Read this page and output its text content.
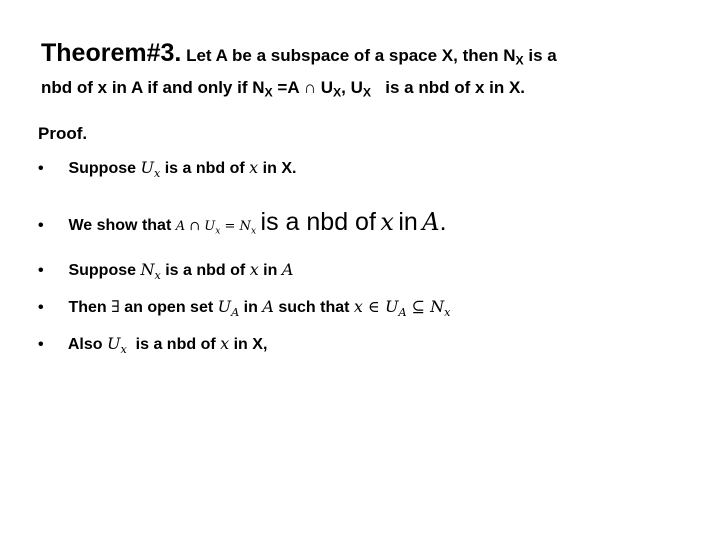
Theorem#3. Let A be a subspace of a space X, then $N_X$ is a
nbd of x in A if and only if $N_X =A$ ∩ $U_X$, $U_X$ is a nbd of x in X.
Proof.
• Suppose $U_x$ is a nbd of x in X.
• We show that A ∩ $U_x = N_x$ is a nbd of x in A.
• Suppose $N_x$ is a nbd of x in A
• Then ∃ an open set $U_A$ in A such that x ∈ $U_A$ ⊆ $N_x$
• Also $U_x$ is a nbd of x in X,
